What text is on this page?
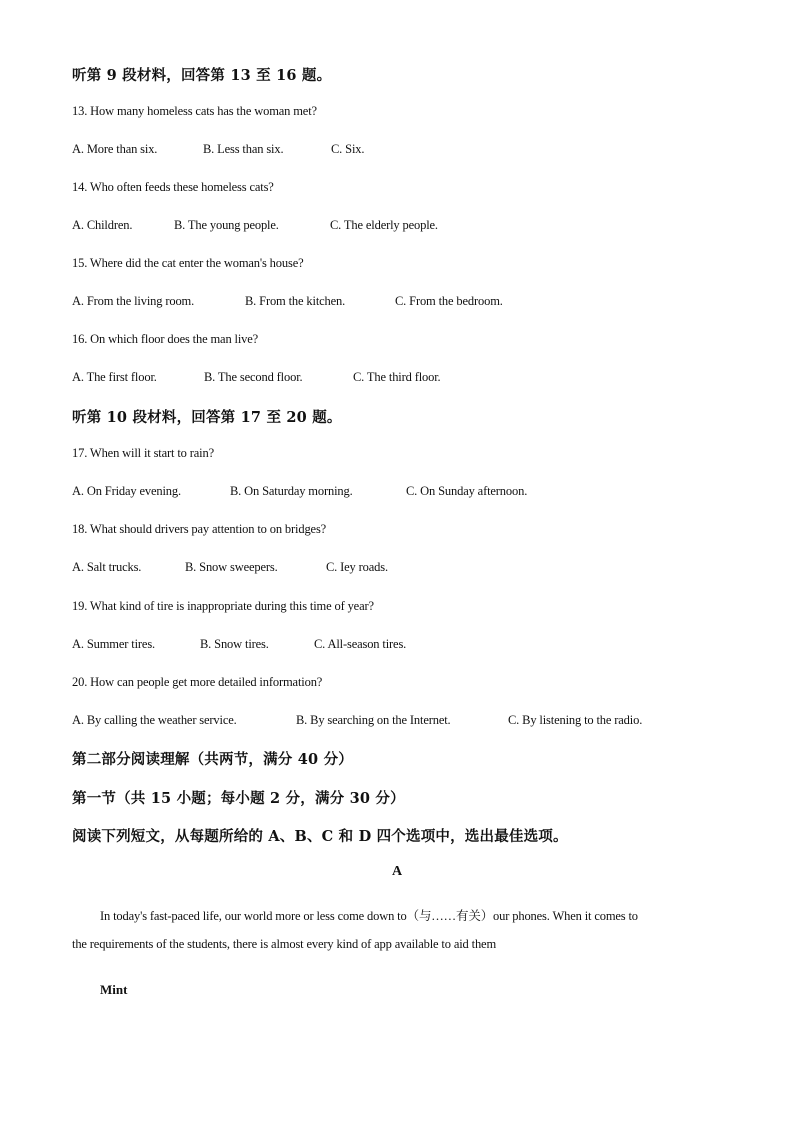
听第 9 段材料，回答第 13 至 16 题。
13. How many homeless cats has the woman met?
A. More than six.	B. Less than six.	C. Six.
14. Who often feeds these homeless cats?
A. Children.	B. The young people.	C. The elderly people.
15. Where did the cat enter the woman's house?
A. From the living room.	B. From the kitchen.	C. From the bedroom.
16. On which floor does the man live?
A. The first floor.	B. The second floor.	C. The third floor.
听第 10 段材料，回答第 17 至 20 题。
17. When will it start to rain?
A. On Friday evening.	B. On Saturday morning.	C. On Sunday afternoon.
18. What should drivers pay attention to on bridges?
A. Salt trucks.	B. Snow sweepers.	C. Iey roads.
19. What kind of tire is inappropriate during this time of year?
A. Summer tires.	B. Snow tires.	C. All-season tires.
20. How can people get more detailed information?
A. By calling the weather service.	B. By searching on the Internet.	C. By listening to the radio.
第二部分阅读理解（共两节，满分 40 分）
第一节（共 15 小题；每小题 2 分，满分 30 分）
阅读下列短文，从每题所给的 A、B、C 和 D 四个选项中，选出最佳选项。
A
In today's fast-paced life, our world more or less come down to（与……有关）our phones. When it comes to
the requirements of the students, there is almost every kind of app available to aid them
Mint
